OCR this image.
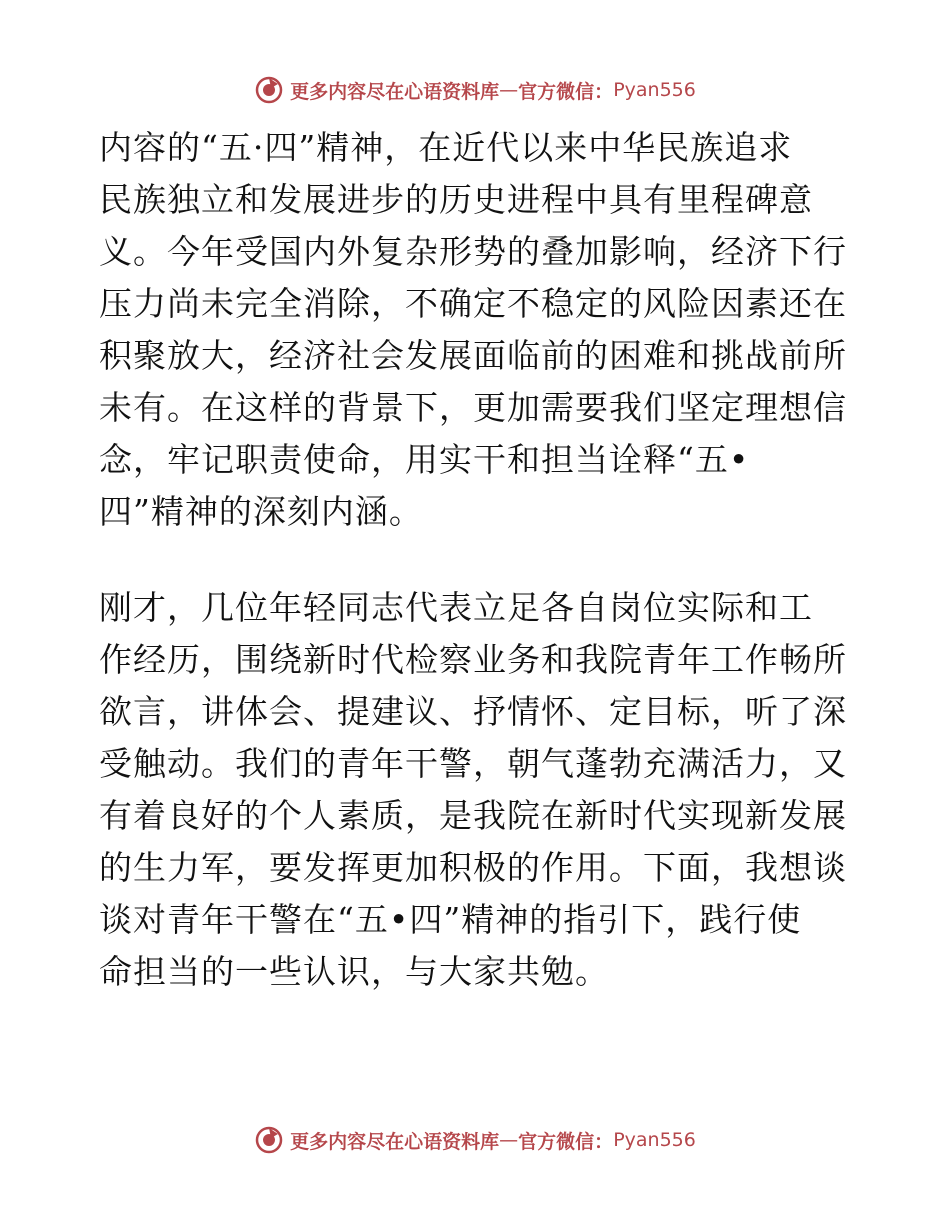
更多内容尽在心语资料库 — 官方微信： Pyan556
内容的“五·四”精神，在近代以来中华民族追求
民族独立和发展进步的历史进程中具有里程碑意
义。今年受国内外复杂形势的叠加影响，经济下行
压力尚未完全消除，不确定不稳定的风险因素还在
积聚放大，经济社会发展面临前的困难和挑战前所
未有。在这样的背景下，更加需要我们坚定理想信
念，牢记职责使命，用实干和担当诠释“五•
四”精神的深刻内涵。
刚才，几位年轻同志代表立足各自岗位实际和工
作经历，围绕新时代检察业务和我院青年工作畅所
欲言，讲体会、提建议、抒情怀、定目标，听了深
受触动。我们的青年干警，朝气蓬勃充满活力，又
有着良好的个人素质，是我院在新时代实现新发展
的生力军，要发挥更加积极的作用。下面，我想谈
谈对青年干警在“五•四”精神的指引下，践行使
命担当的一些认识，与大家共勉。
更多内容尽在心语资料库 — 官方微信： Pyan556
